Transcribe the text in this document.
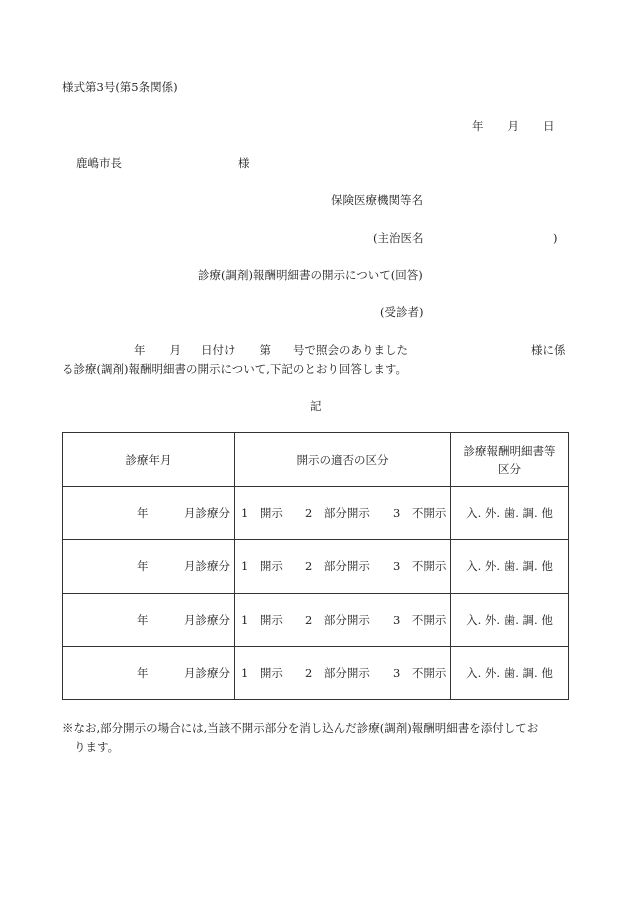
様式第3号(第5条関係)
年 月 日
鹿嶋市長	様
保険医療機関等名
(主治医名	)
診療(調剤)報酬明細書の開示について(回答)
(受診者)
年 月 日付け 第 号で照会のありました	様に係
る診療(調剤)報酬明細書の開示について,下記のとおり回答します。
記
診療年月	開示の適否の区分	診療報酬明細書等
区分

年 月診療分	1　開示 2　部分開示 3　不開示	入. 外. 歯. 調. 他

年 月診療分	1　開示 2　部分開示 3　不開示	入. 外. 歯. 調. 他

年 月診療分	1　開示 2　部分開示 3　不開示	入. 外. 歯. 調. 他

年 月診療分	1　開示 2　部分開示 3　不開示	入. 外. 歯. 調. 他
※なお,部分開示の場合には,当該不開示部分を消し込んだ診療(調剤)報酬明細書を添付してお
ります。
